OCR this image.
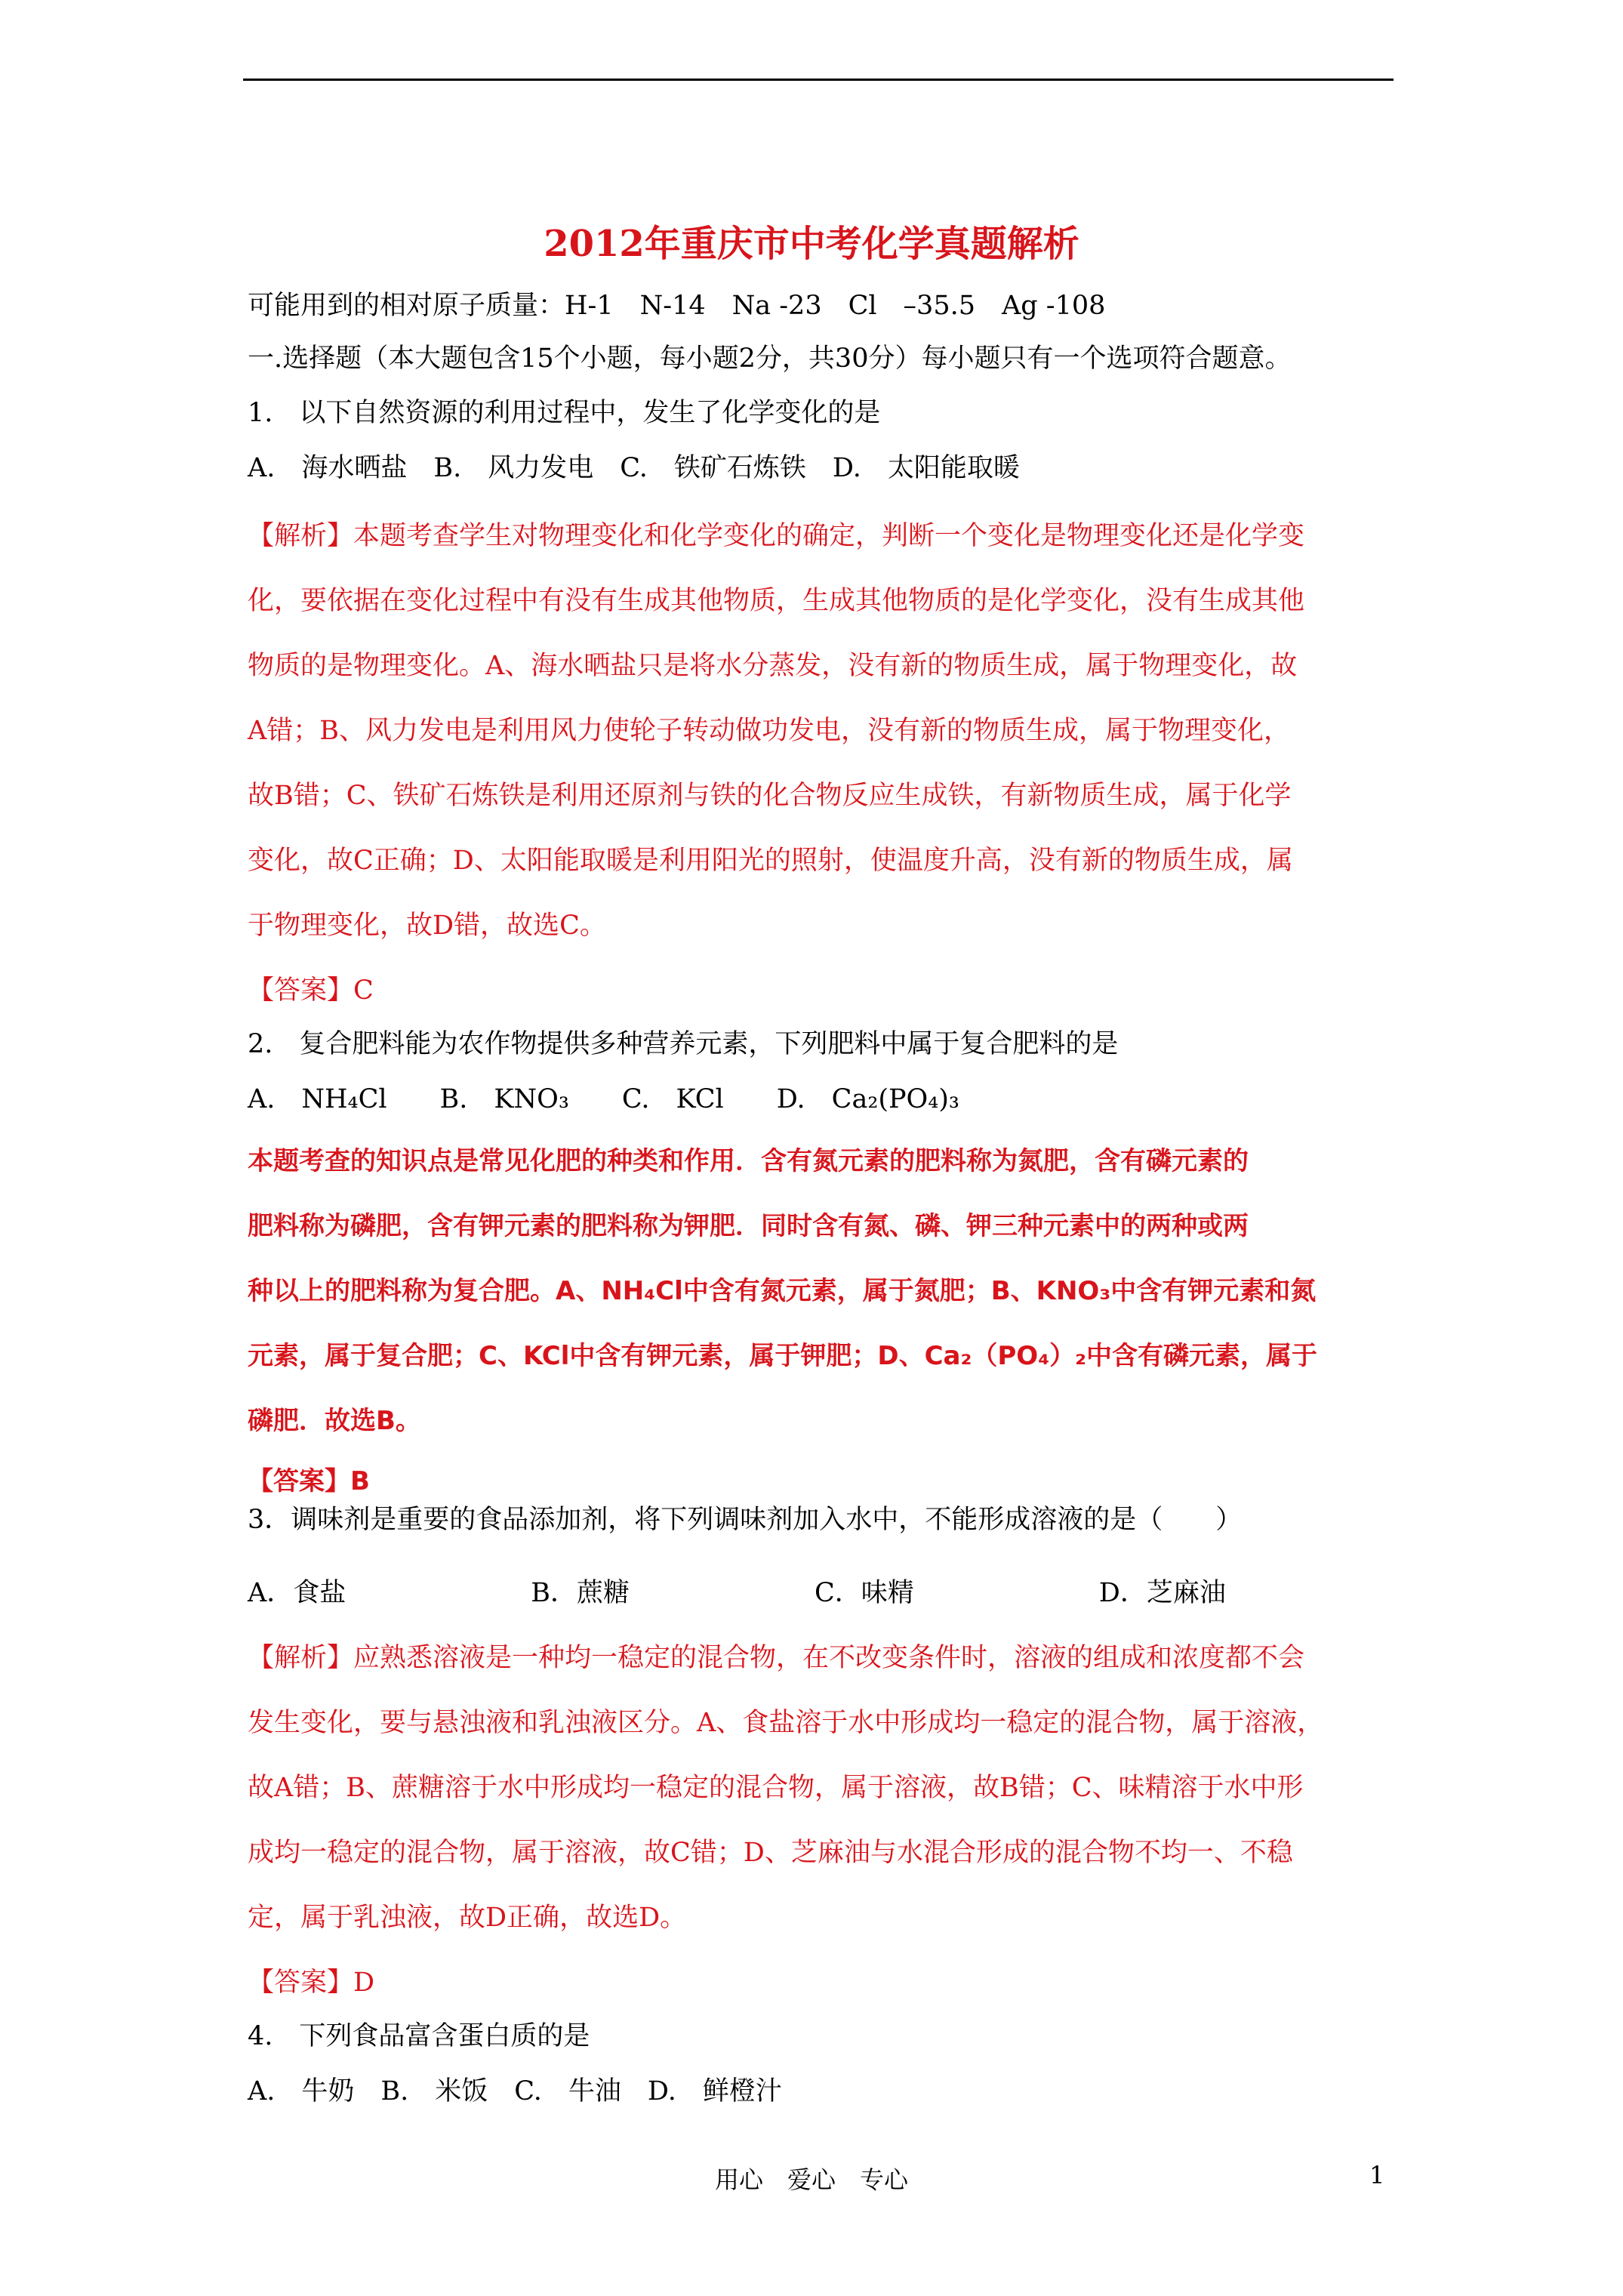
2012年重庆市中考化学真题解析
可能用到的相对原子质量：H-1　N-14　Na -23　Cl　–35.5　Ag -108
一.选择题（本大题包含15个小题，每小题2分，共30分）每小题只有一个选项符合题意。
1.　以下自然资源的利用过程中，发生了化学变化的是
A.　海水晒盐　B.　风力发电　C.　铁矿石炼铁　D.　太阳能取暖
【解析】本题考查学生对物理变化和化学变化的确定，判断一个变化是物理变化还是化学变
化，要依据在变化过程中有没有生成其他物质，生成其他物质的是化学变化，没有生成其他
物质的是物理变化。A、海水晒盐只是将水分蒸发，没有新的物质生成，属于物理变化，故
A错；B、风力发电是利用风力使轮子转动做功发电，没有新的物质生成，属于物理变化，
故B错；C、铁矿石炼铁是利用还原剂与铁的化合物反应生成铁，有新物质生成，属于化学
变化，故C正确；D、太阳能取暖是利用阳光的照射，使温度升高，没有新的物质生成，属
于物理变化，故D错，故选C。
【答案】C
2.　复合肥料能为农作物提供多种营养元素，下列肥料中属于复合肥料的是
A.　NH₄Cl　　B.　KNO₃　　C.　KCl　　D.　Ca₂(PO₄)₃
本题考查的知识点是常见化肥的种类和作用．含有氮元素的肥料称为氮肥，含有磷元素的
肥料称为磷肥，含有钾元素的肥料称为钾肥．同时含有氮、磷、钾三种元素中的两种或两
种以上的肥料称为复合肥。A、NH₄Cl中含有氮元素，属于氮肥；B、KNO₃中含有钾元素和氮
元素，属于复合肥；C、KCl中含有钾元素，属于钾肥；D、Ca₂（PO₄）₂中含有磷元素，属于
磷肥．故选B。
【答案】B
3．调味剂是重要的食品添加剂，将下列调味剂加入水中，不能形成溶液的是（　　）
A．食盐　　　　　　　B．蔗糖　　　　　　　C．味精　　　　　　　D．芝麻油
【解析】应熟悉溶液是一种均一稳定的混合物，在不改变条件时，溶液的组成和浓度都不会
发生变化，要与悬浊液和乳浊液区分。A、食盐溶于水中形成均一稳定的混合物，属于溶液，
故A错；B、蔗糖溶于水中形成均一稳定的混合物，属于溶液，故B错；C、味精溶于水中形
成均一稳定的混合物，属于溶液，故C错；D、芝麻油与水混合形成的混合物不均一、不稳
定，属于乳浊液，故D正确，故选D。
【答案】D
4.　下列食品富含蛋白质的是
A.　牛奶　B.　米饭　C.　牛油　D.　鲜橙汁
用心　爱心　专心	1
